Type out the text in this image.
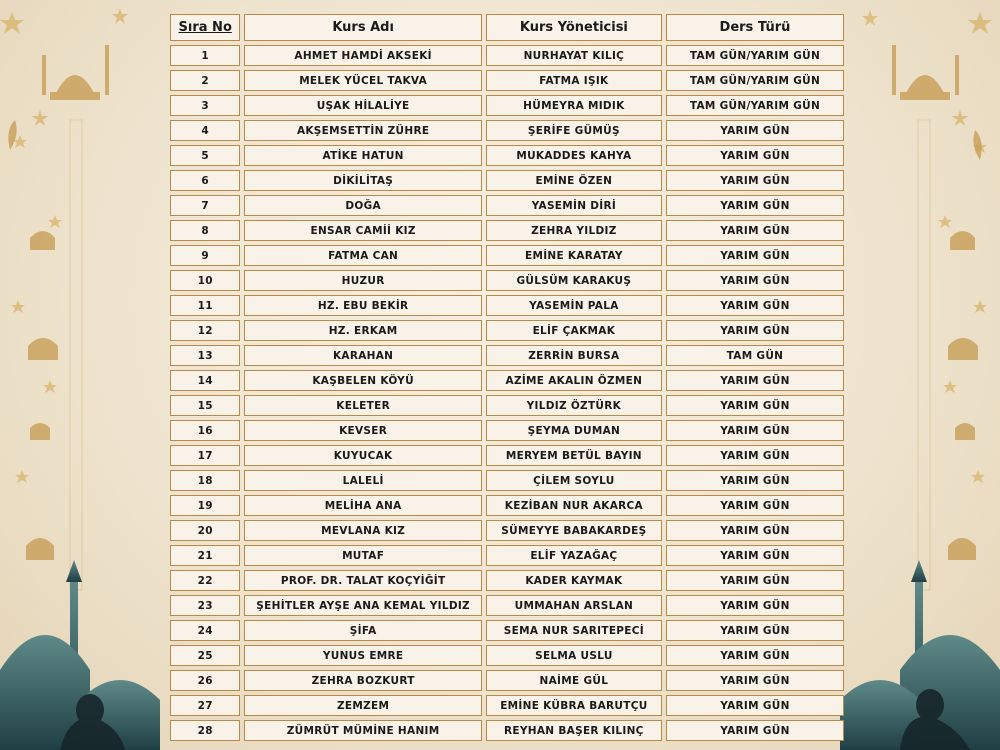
Sıra No	Kurs Adı	Kurs Yöneticisi	Ders Türü
1	AHMET HAMDİ AKSEKİ	NURHAYAT KILIÇ	TAM GÜN/YARIM GÜN
2	MELEK YÜCEL TAKVA	FATMA IŞIK	TAM GÜN/YARIM GÜN
3	UŞAK HİLALİYE	HÜMEYRA MIDIK	TAM GÜN/YARIM GÜN
4	AKŞEMSETTİN ZÜHRE	ŞERİFE GÜMÜŞ	YARIM GÜN
5	ATİKE HATUN	MUKADDES KAHYA	YARIM GÜN
6	DİKİLİTAŞ	EMİNE ÖZEN	YARIM GÜN
7	DOĞA	YASEMİN DİRİ	YARIM GÜN
8	ENSAR CAMİİ KIZ	ZEHRA YILDIZ	YARIM GÜN
9	FATMA CAN	EMİNE KARATAY	YARIM GÜN
10	HUZUR	GÜLSÜM KARAKUŞ	YARIM GÜN
11	HZ. EBU BEKİR	YASEMİN PALA	YARIM GÜN
12	HZ. ERKAM	ELİF ÇAKMAK	YARIM GÜN
13	KARAHAN	ZERRİN BURSA	TAM GÜN
14	KAŞBELEN KÖYÜ	AZİME AKALIN ÖZMEN	YARIM GÜN
15	KELETER	YILDIZ ÖZTÜRK	YARIM GÜN
16	KEVSER	ŞEYMA DUMAN	YARIM GÜN
17	KUYUCAK	MERYEM BETÜL BAYIN	YARIM GÜN
18	LALELİ	ÇİLEM SOYLU	YARIM GÜN
19	MELİHA ANA	KEZİBAN NUR AKARCA	YARIM GÜN
20	MEVLANA KIZ	SÜMEYYE BABAKARDEŞ	YARIM GÜN
21	MUTAF	ELİF YAZAĞAÇ	YARIM GÜN
22	PROF. DR. TALAT KOÇYİĞİT	KADER KAYMAK	YARIM GÜN
23	ŞEHİTLER AYŞE ANA KEMAL YILDIZ	UMMAHAN ARSLAN	YARIM GÜN
24	ŞİFA	SEMA NUR SARITEPECİ	YARIM GÜN
25	YUNUS EMRE	SELMA USLU	YARIM GÜN
26	ZEHRA BOZKURT	NAİME GÜL	YARIM GÜN
27	ZEMZEM	EMİNE KÜBRA BARUTÇU	YARIM GÜN
28	ZÜMRÜT MÜMİNE HANIM	REYHAN BAŞER KILINÇ	YARIM GÜN
